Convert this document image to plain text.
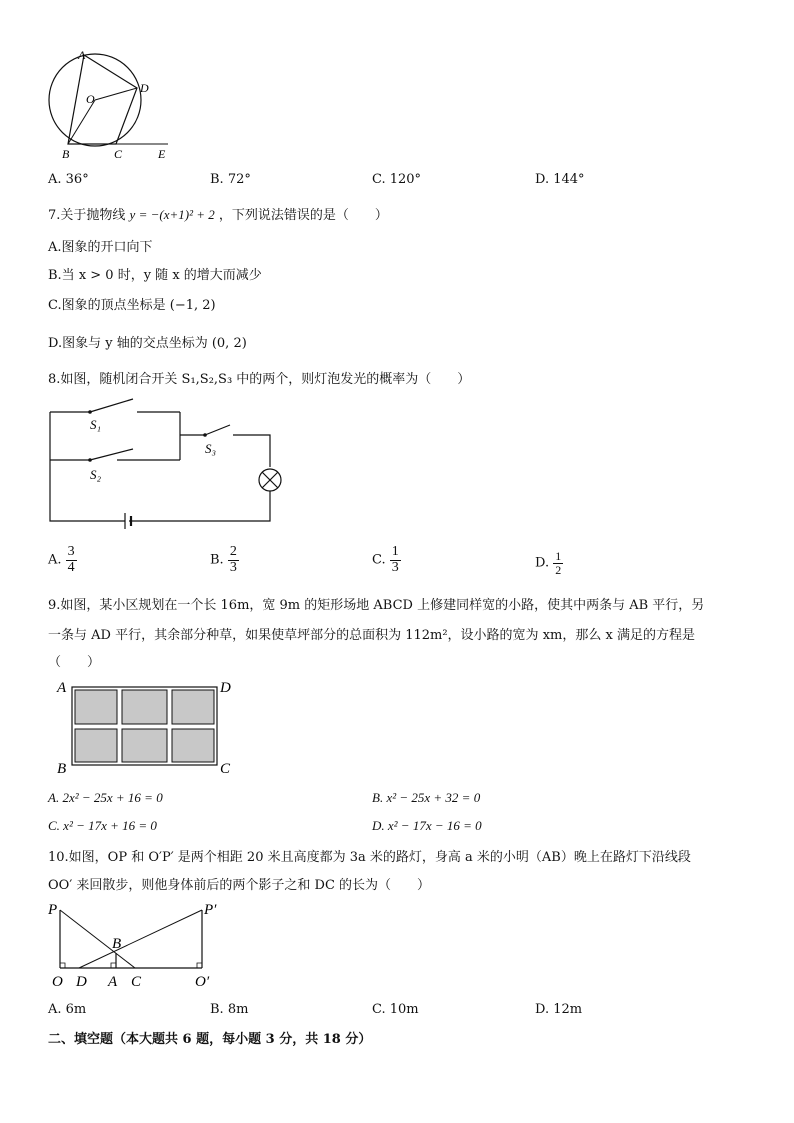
A
O
D
B	C	E
A. 36°	B. 72°	C. 120°	D. 144°
7.关于抛物线 y = −(x+1)² + 2 ，下列说法错误的是（　　）
A.图象的开口向下
B.当 x > 0 时，y 随 x 的增大而减少
C.图象的顶点坐标是 (−1, 2)
D.图象与 y 轴的交点坐标为 (0, 2)
8.如图，随机闭合开关 S₁,S₂,S₃ 中的两个，则灯泡发光的概率为（　　）
S₁
S₂
S₃
A. $\frac{3}{4}$	B. $\frac{2}{3}$	C. $\frac{1}{3}$	D. $\frac{1}{2}$
9.如图，某小区规划在一个长 16m，宽 9m 的矩形场地 ABCD 上修建同样宽的小路，使其中两条与 AB 平行，另
一条与 AD 平行，其余部分种草，如果使草坪部分的总面积为 112m²，设小路的宽为 xm，那么 x 满足的方程是
（　　）
A	D
B	C
A. 2x² − 25x + 16 = 0	B. x² − 25x + 32 = 0
C. x² − 17x + 16 = 0	D. x² − 17x − 16 = 0
10.如图，OP 和 O′P′ 是两个相距 20 米且高度都为 3a 米的路灯，身高 a 米的小明（AB）晚上在路灯下沿线段
OO′ 来回散步，则他身体前后的两个影子之和 DC 的长为（　　）
P	P′
B
O D A C	O′
A. 6m	B. 8m	C. 10m	D. 12m
二、填空题（本大题共 6 题，每小题 3 分，共 18 分）
